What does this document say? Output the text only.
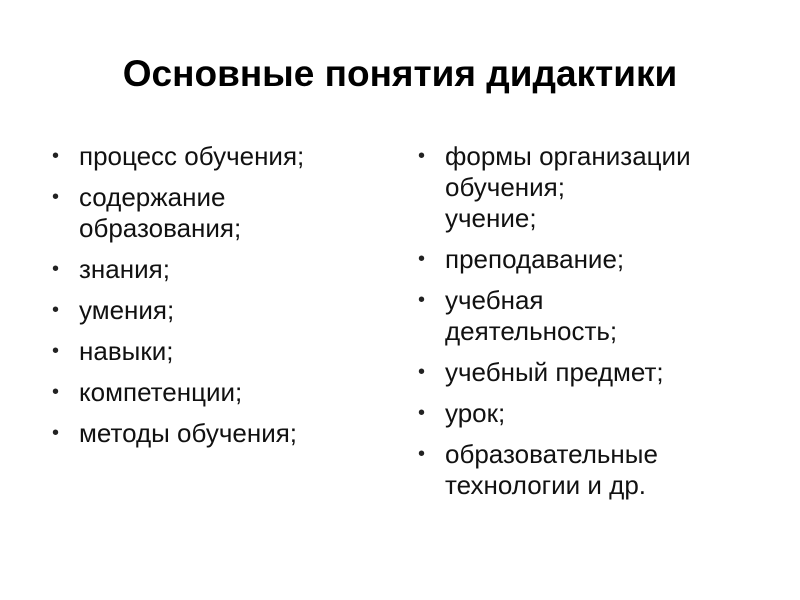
Основные понятия дидактики
• процесс обучения;
• содержание
образования;
• знания;
• умения;
• навыки;
• компетенции;
• методы обучения;
• формы организации
обучения;
учение;
• преподавание;
• учебная
деятельность;
• учебный предмет;
• урок;
• образовательные
технологии и др.
